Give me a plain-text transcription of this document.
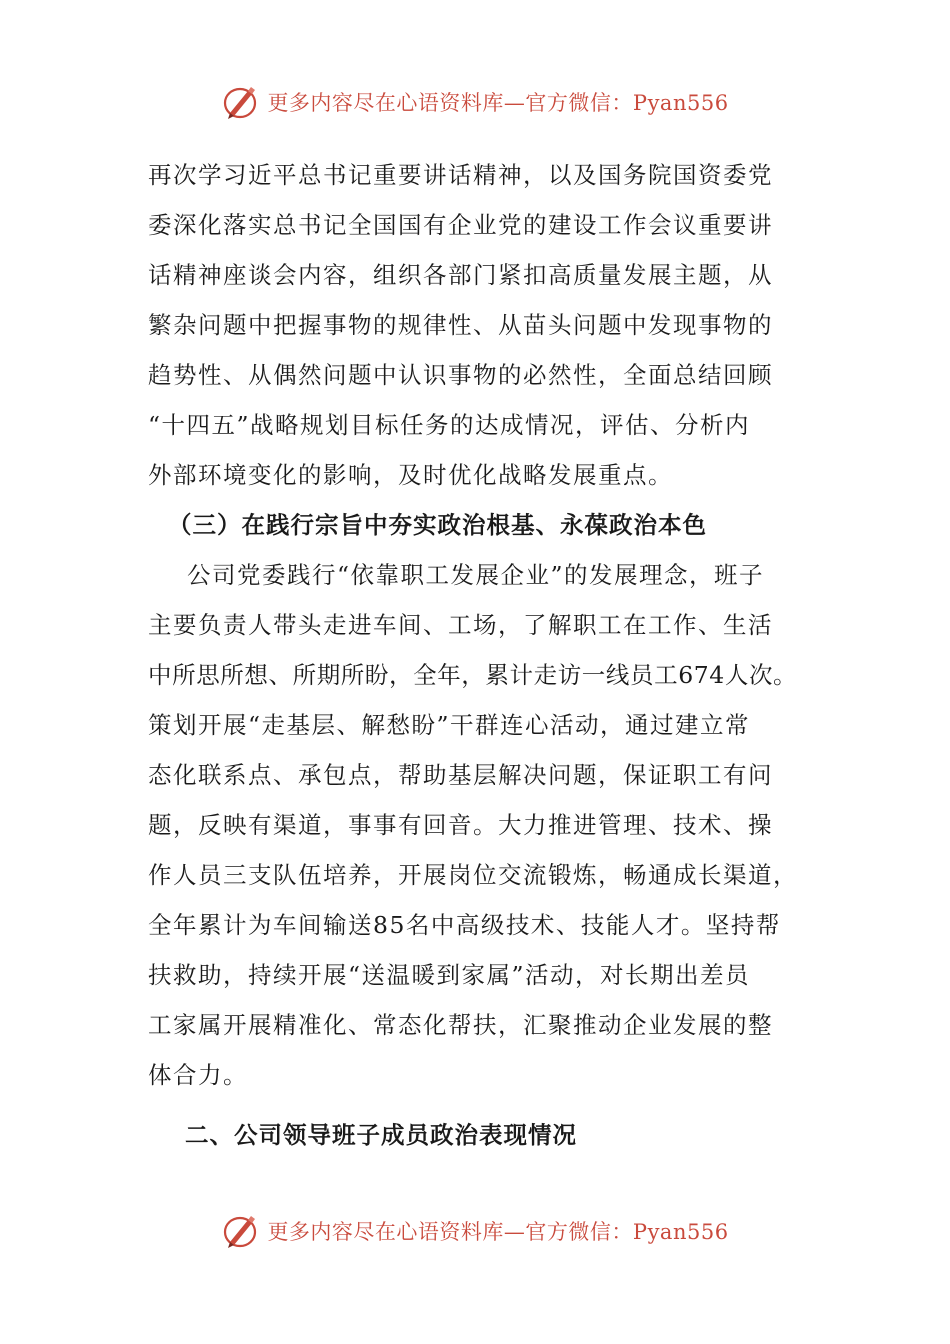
更多内容尽在心语资料库—官方微信：Pyan556
再次学习近平总书记重要讲话精神，以及国务院国资委党
委深化落实总书记全国国有企业党的建设工作会议重要讲
话精神座谈会内容，组织各部门紧扣高质量发展主题，从
繁杂问题中把握事物的规律性、从苗头问题中发现事物的
趋势性、从偶然问题中认识事物的必然性，全面总结回顾
“十四五”战略规划目标任务的达成情况，评估、分析内
外部环境变化的影响，及时优化战略发展重点。
（三）在践行宗旨中夯实政治根基、永葆政治本色
公司党委践行“依靠职工发展企业”的发展理念，班子
主要负责人带头走进车间、工场，了解职工在工作、生活
中所思所想、所期所盼，全年，累计走访一线员工674人次。
策划开展“走基层、解愁盼”干群连心活动，通过建立常
态化联系点、承包点，帮助基层解决问题，保证职工有问
题，反映有渠道，事事有回音。大力推进管理、技术、操
作人员三支队伍培养，开展岗位交流锻炼，畅通成长渠道，
全年累计为车间输送85名中高级技术、技能人才。坚持帮
扶救助，持续开展“送温暖到家属”活动，对长期出差员
工家属开展精准化、常态化帮扶，汇聚推动企业发展的整
体合力。
二、公司领导班子成员政治表现情况
更多内容尽在心语资料库—官方微信：Pyan556
